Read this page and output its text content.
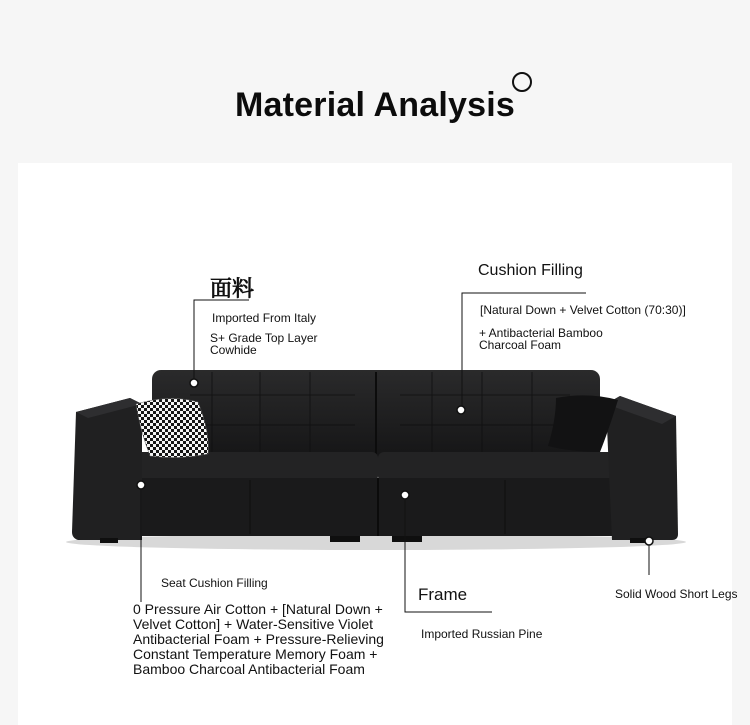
Material Analysis
面料
Imported From Italy
S+ Grade Top Layer Cowhide
Cushion Filling
[Natural Down + Velvet Cotton (70:30)]
+ Antibacterial Bamboo Charcoal Foam
Seat Cushion Filling
0 Pressure Air Cotton + [Natural Down + Velvet Cotton] + Water-Sensitive Violet Antibacterial Foam + Pressure-Relieving Constant Temperature Memory Foam + Bamboo Charcoal Antibacterial Foam
Frame
Imported Russian Pine
Solid Wood Short Legs
